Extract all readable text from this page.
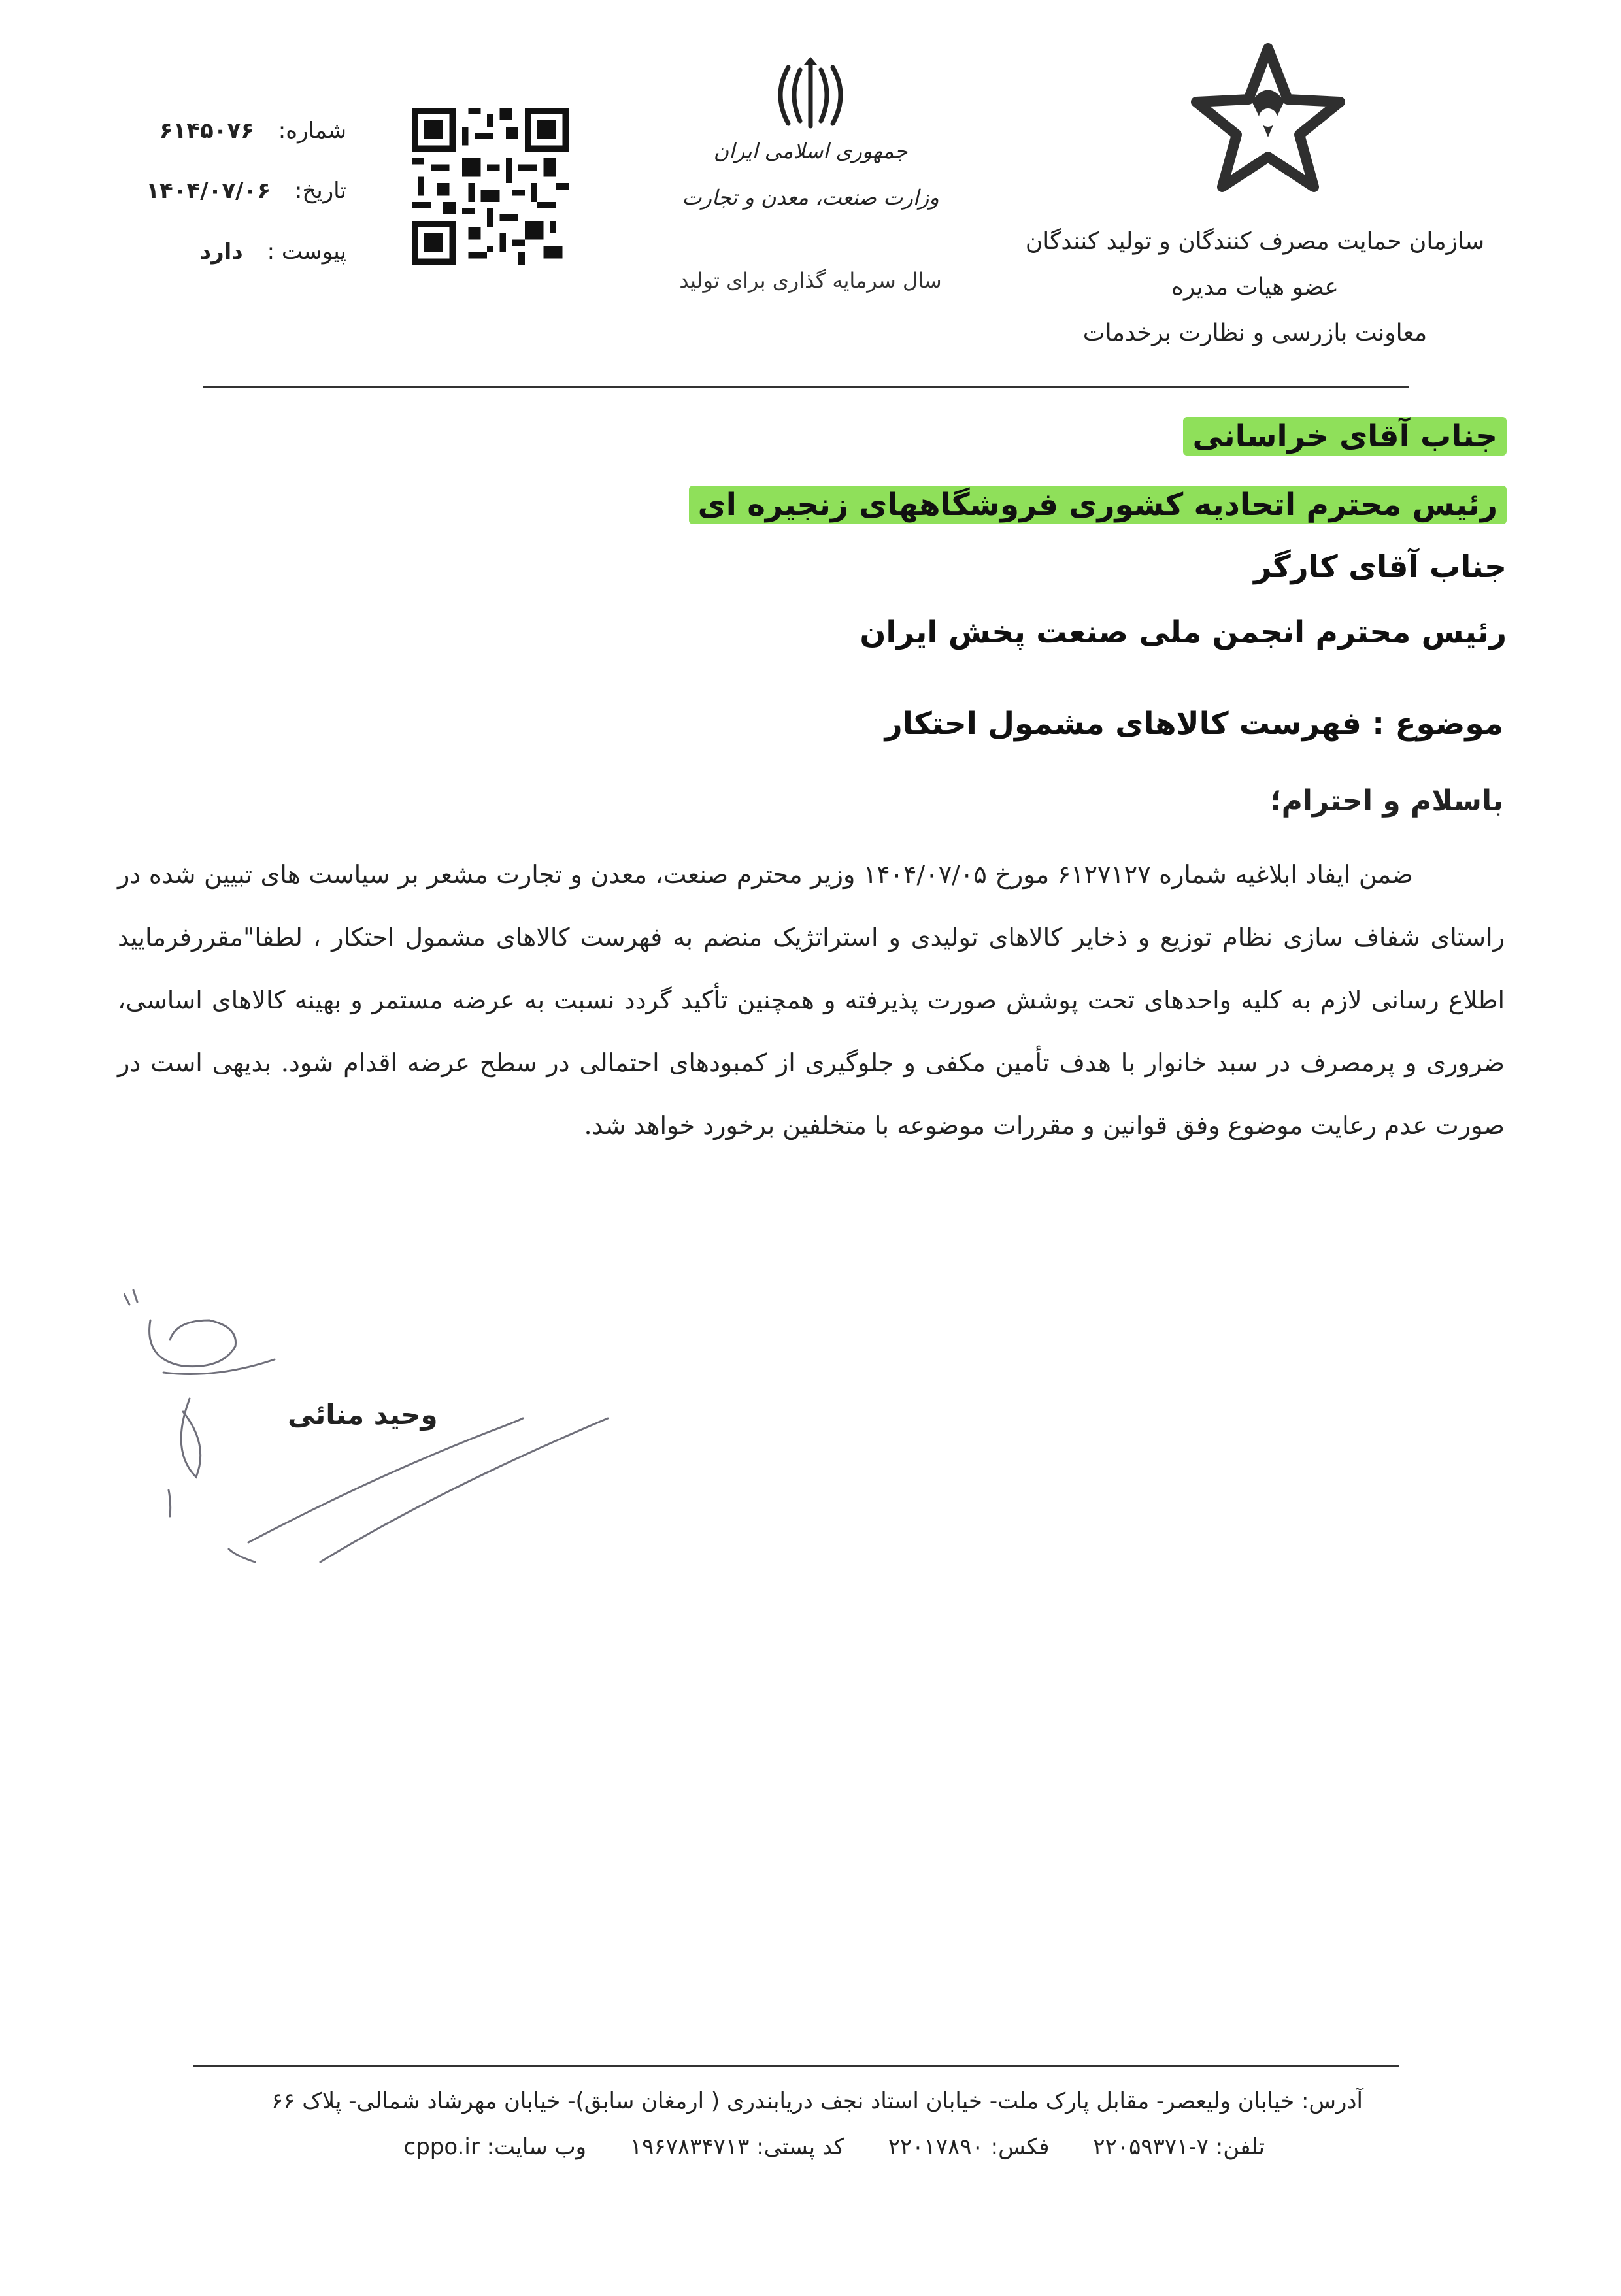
سازمان حمایت مصرف کنندگان و تولید کنندگان
عضو هیات مدیره
معاونت بازرسی و نظارت برخدمات
جمهوری اسلامی ایران
وزارت صنعت، معدن و تجارت
سال سرمایه گذاری برای تولید
شماره: ۶۱۴۵۰۷۶
تاریخ: ۱۴۰۴/۰۷/۰۶
پیوست : دارد
جناب آقای خراسانی
رئیس محترم اتحادیه کشوری فروشگاههای زنجیره ای
جناب آقای کارگر
رئیس محترم انجمن ملی صنعت پخش ایران
موضوع : فهرست کالاهای مشمول احتکار
باسلام و احترام؛
ضمن ایفاد ابلاغیه شماره ۶۱۲۷۱۲۷ مورخ ۱۴۰۴/۰۷/۰۵ وزیر محترم صنعت، معدن و تجارت مشعر بر سیاست های تبیین شده در راستای شفاف سازی نظام توزیع و ذخایر کالاهای تولیدی و استراتژیک منضم به فهرست کالاهای مشمول احتکار ، لطفا"مقررفرمایید اطلاع رسانی لازم به کلیه واحدهای تحت پوشش صورت پذیرفته و همچنین تأکید گردد نسبت به عرضه مستمر و بهینه کالاهای اساسی، ضروری و پرمصرف در سبد خانوار با هدف تأمین مکفی و جلوگیری از کمبودهای احتمالی در سطح عرضه اقدام شود. بدیهی است در صورت عدم رعایت موضوع وفق قوانین و مقررات موضوعه با متخلفین برخورد خواهد شد.
وحید منائی
آدرس: خیابان ولیعصر- مقابل پارک ملت- خیابان استاد نجف دریابندری ( ارمغان سابق)- خیابان مهرشاد شمالی- پلاک ۶۶
تلفن: ۷-۲۲۰۵۹۳۷۱ فکس: ۲۲۰۱۷۸۹۰ کد پستی: ۱۹۶۷۸۳۴۷۱۳ وب سایت: cppo.ir
